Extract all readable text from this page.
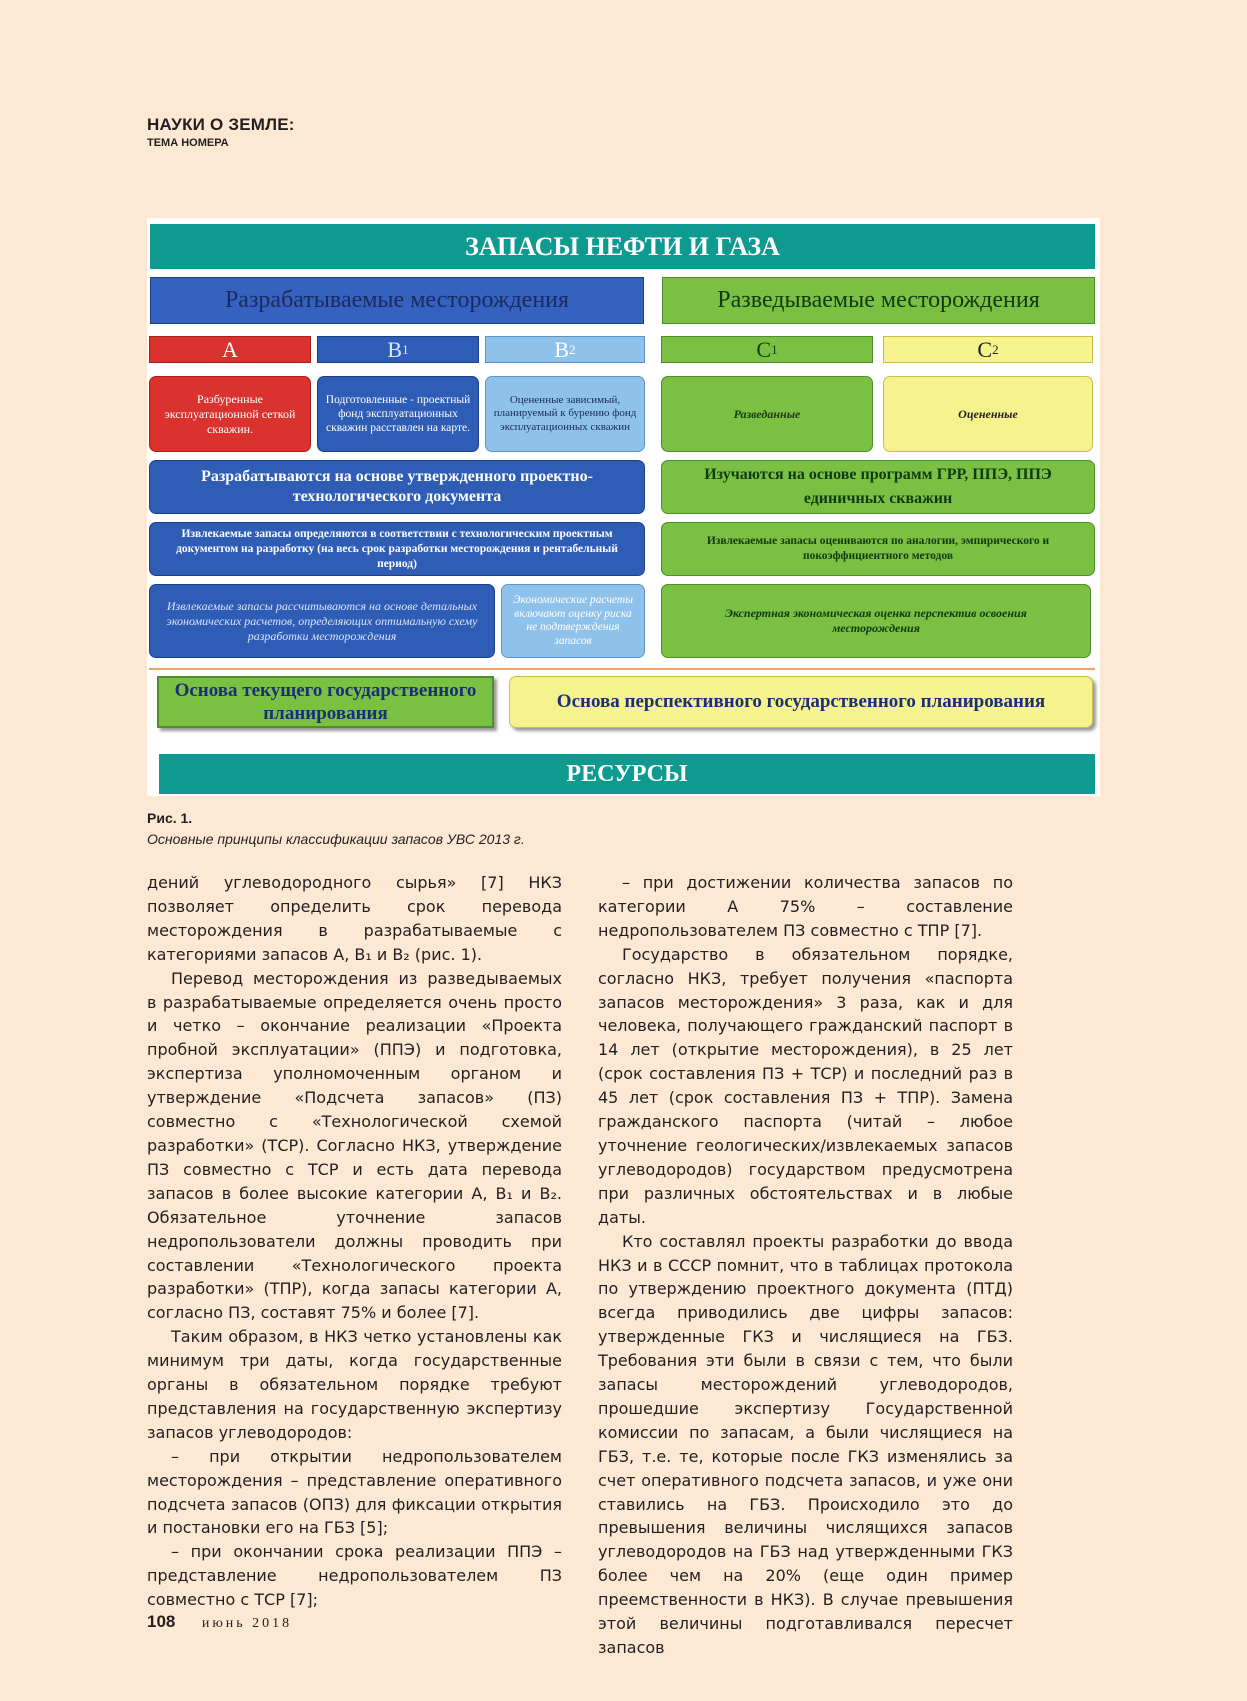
НАУКИ О ЗЕМЛЕ:
ТЕМА НОМЕРА
ЗАПАСЫ НЕФТИ И ГАЗА
Разрабатываемые месторождения	Разведываемые месторождения
A	B 1	B 2	C 1	C 2
Разбуренные эксплуатационной сеткой скважин.
Подготовленные - проектный фонд эксплуатационных скважин расставлен на карте.
Оцененные зависимый, планируемый к бурению фонд эксплуатационных скважин
Разведанные	Оцененные
Разрабатываются на основе утвержденного проектно-технологического документа
Изучаются на основе программ ГРР, ППЭ, ППЭ единичных скважин
Извлекаемые запасы определяются в соответствии с технологическим проектным документом на разработку (на весь срок разработки месторождения и рентабельный период)
Извлекаемые запасы оцениваются по аналогии, эмпирического и покоэффициентного методов
Извлекаемые запасы рассчитываются на основе детальных экономических расчетов, определяющих оптимальную схему разработки месторождения
Экономические расчеты включают оценку риска не подтверждения запасов
Экспертная экономическая оценка перспектив освоения месторождения
Основа текущего государственного планирования
Основа перспективного государственного планирования
РЕСУРСЫ
Рис. 1.
Основные принципы классификации запасов УВС 2013 г.

дений углеводородного сырья» [7] НКЗ позволяет определить срок перевода месторождения в разрабатываемые с категориями запасов А, В₁ и В₂ (рис. 1).

Перевод месторождения из разведываемых в разрабатываемые определяется очень просто и четко – окончание реализации «Проекта пробной эксплуатации» (ППЭ) и подготовка, экспертиза уполномоченным органом и утверждение «Подсчета запасов» (ПЗ) совместно с «Технологической схемой разработки» (ТСР). Согласно НКЗ, утверждение ПЗ совместно с ТСР и есть дата перевода запасов в более высокие категории А, В₁ и В₂. Обязательное уточнение запасов недропользователи должны проводить при составлении «Технологического проекта разработки» (ТПР), когда запасы категории А, согласно ПЗ, составят 75% и более [7].

Таким образом, в НКЗ четко установлены как минимум три даты, когда государственные органы в обязательном порядке требуют представления на государственную экспертизу запасов углеводородов:

– при открытии недропользователем месторождения – представление оперативного подсчета запасов (ОПЗ) для фиксации открытия и постановки его на ГБЗ [5];

– при окончании срока реализации ППЭ – представление недропользователем ПЗ совместно с ТСР [7];

– при достижении количества запасов по категории А 75% – составление недропользователем ПЗ совместно с ТПР [7].

Государство в обязательном порядке, согласно НКЗ, требует получения «паспорта запасов месторождения» 3 раза, как и для человека, получающего гражданский паспорт в 14 лет (открытие месторождения), в 25 лет (срок составления ПЗ + ТСР) и последний раз в 45 лет (срок составления ПЗ + ТПР). Замена гражданского паспорта (читай – любое уточнение геологических/извлекаемых запасов углеводородов) государством предусмотрена при различных обстоятельствах и в любые даты.

Кто составлял проекты разработки до ввода НКЗ и в СССР помнит, что в таблицах протокола по утверждению проектного документа (ПТД) всегда приводились две цифры запасов: утвержденные ГКЗ и числящиеся на ГБЗ. Требования эти были в связи с тем, что были запасы месторождений углеводородов, прошедшие экспертизу Государственной комиссии по запасам, а были числящиеся на ГБЗ, т.е. те, которые после ГКЗ изменялись за счет оперативного подсчета запасов, и уже они ставились на ГБЗ. Происходило это до превышения величины числящихся запасов углеводородов на ГБЗ над утвержденными ГКЗ более чем на 20% (еще один пример преемственности в НКЗ). В случае превышения этой величины подготавливался пересчет запасов

108 июнь 2018
